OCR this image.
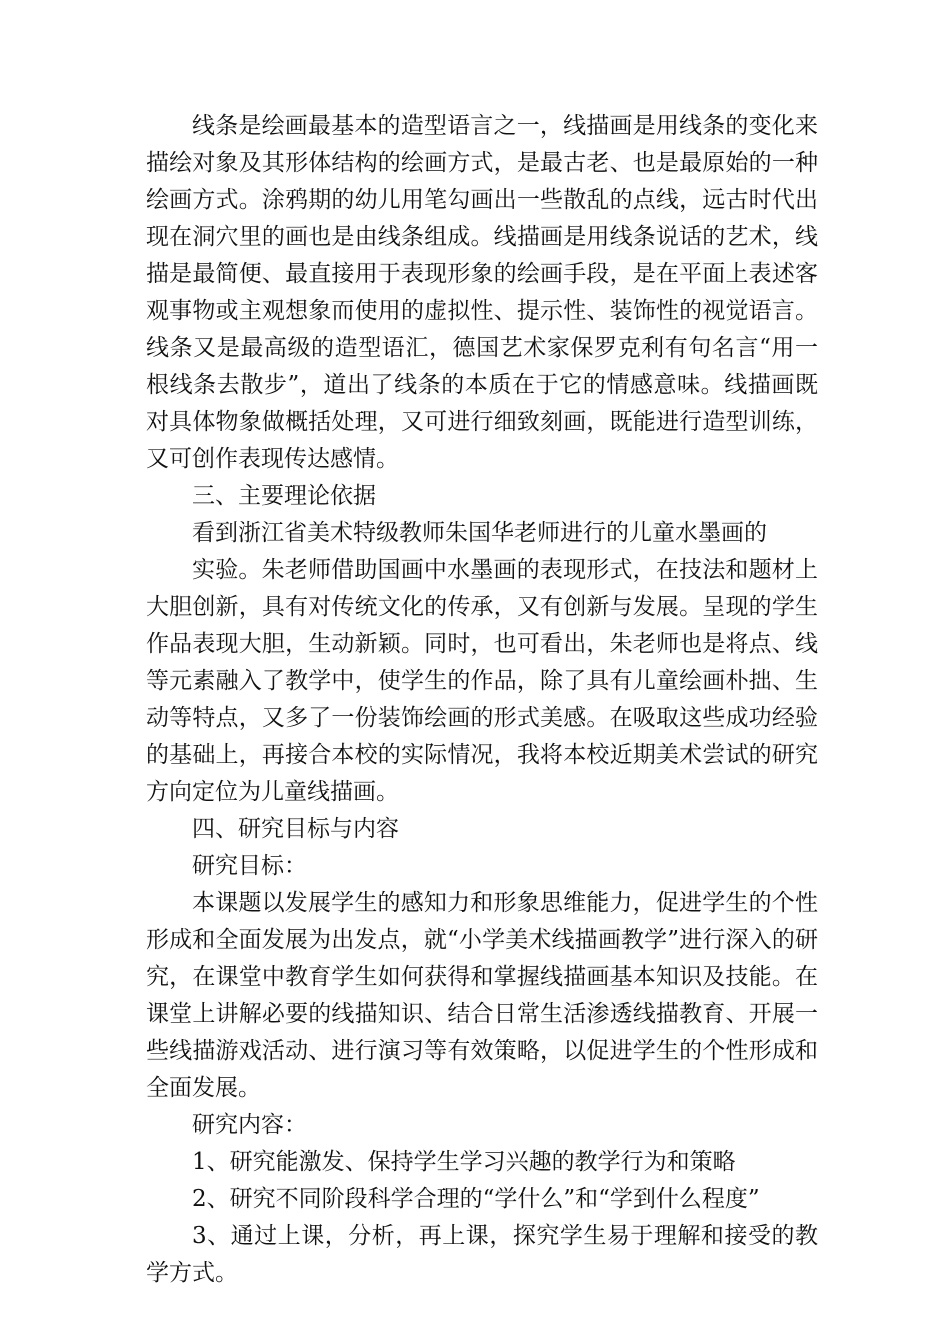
线条是绘画最基本的造型语言之一，线描画是用线条的变化来描绘对象及其形体结构的绘画方式，是最古老、也是最原始的一种绘画方式。涂鸦期的幼儿用笔勾画出一些散乱的点线，远古时代出现在洞穴里的画也是由线条组成。线描画是用线条说话的艺术，线描是最简便、最直接用于表现形象的绘画手段，是在平面上表述客观事物或主观想象而使用的虚拟性、提示性、装饰性的视觉语言。线条又是最高级的造型语汇，德国艺术家保罗克利有句名言“用一根线条去散步”，道出了线条的本质在于它的情感意味。线描画既对具体物象做概括处理，又可进行细致刻画，既能进行造型训练，又可创作表现传达感情。

三、主要理论依据

看到浙江省美术特级教师朱国华老师进行的儿童水墨画的

实验。朱老师借助国画中水墨画的表现形式，在技法和题材上大胆创新，具有对传统文化的传承，又有创新与发展。呈现的学生作品表现大胆，生动新颖。同时，也可看出，朱老师也是将点、线等元素融入了教学中，使学生的作品，除了具有儿童绘画朴拙、生动等特点，又多了一份装饰绘画的形式美感。在吸取这些成功经验的基础上，再接合本校的实际情况，我将本校近期美术尝试的研究方向定位为儿童线描画。

四、研究目标与内容

研究目标：

本课题以发展学生的感知力和形象思维能力，促进学生的个性形成和全面发展为出发点，就“小学美术线描画教学”进行深入的研究，在课堂中教育学生如何获得和掌握线描画基本知识及技能。在课堂上讲解必要的线描知识、结合日常生活渗透线描教育、开展一些线描游戏活动、进行演习等有效策略，以促进学生的个性形成和全面发展。

研究内容：

1、研究能激发、保持学生学习兴趣的教学行为和策略

2、研究不同阶段科学合理的“学什么”和“学到什么程度”

3、通过上课，分析，再上课，探究学生易于理解和接受的教学方式。
